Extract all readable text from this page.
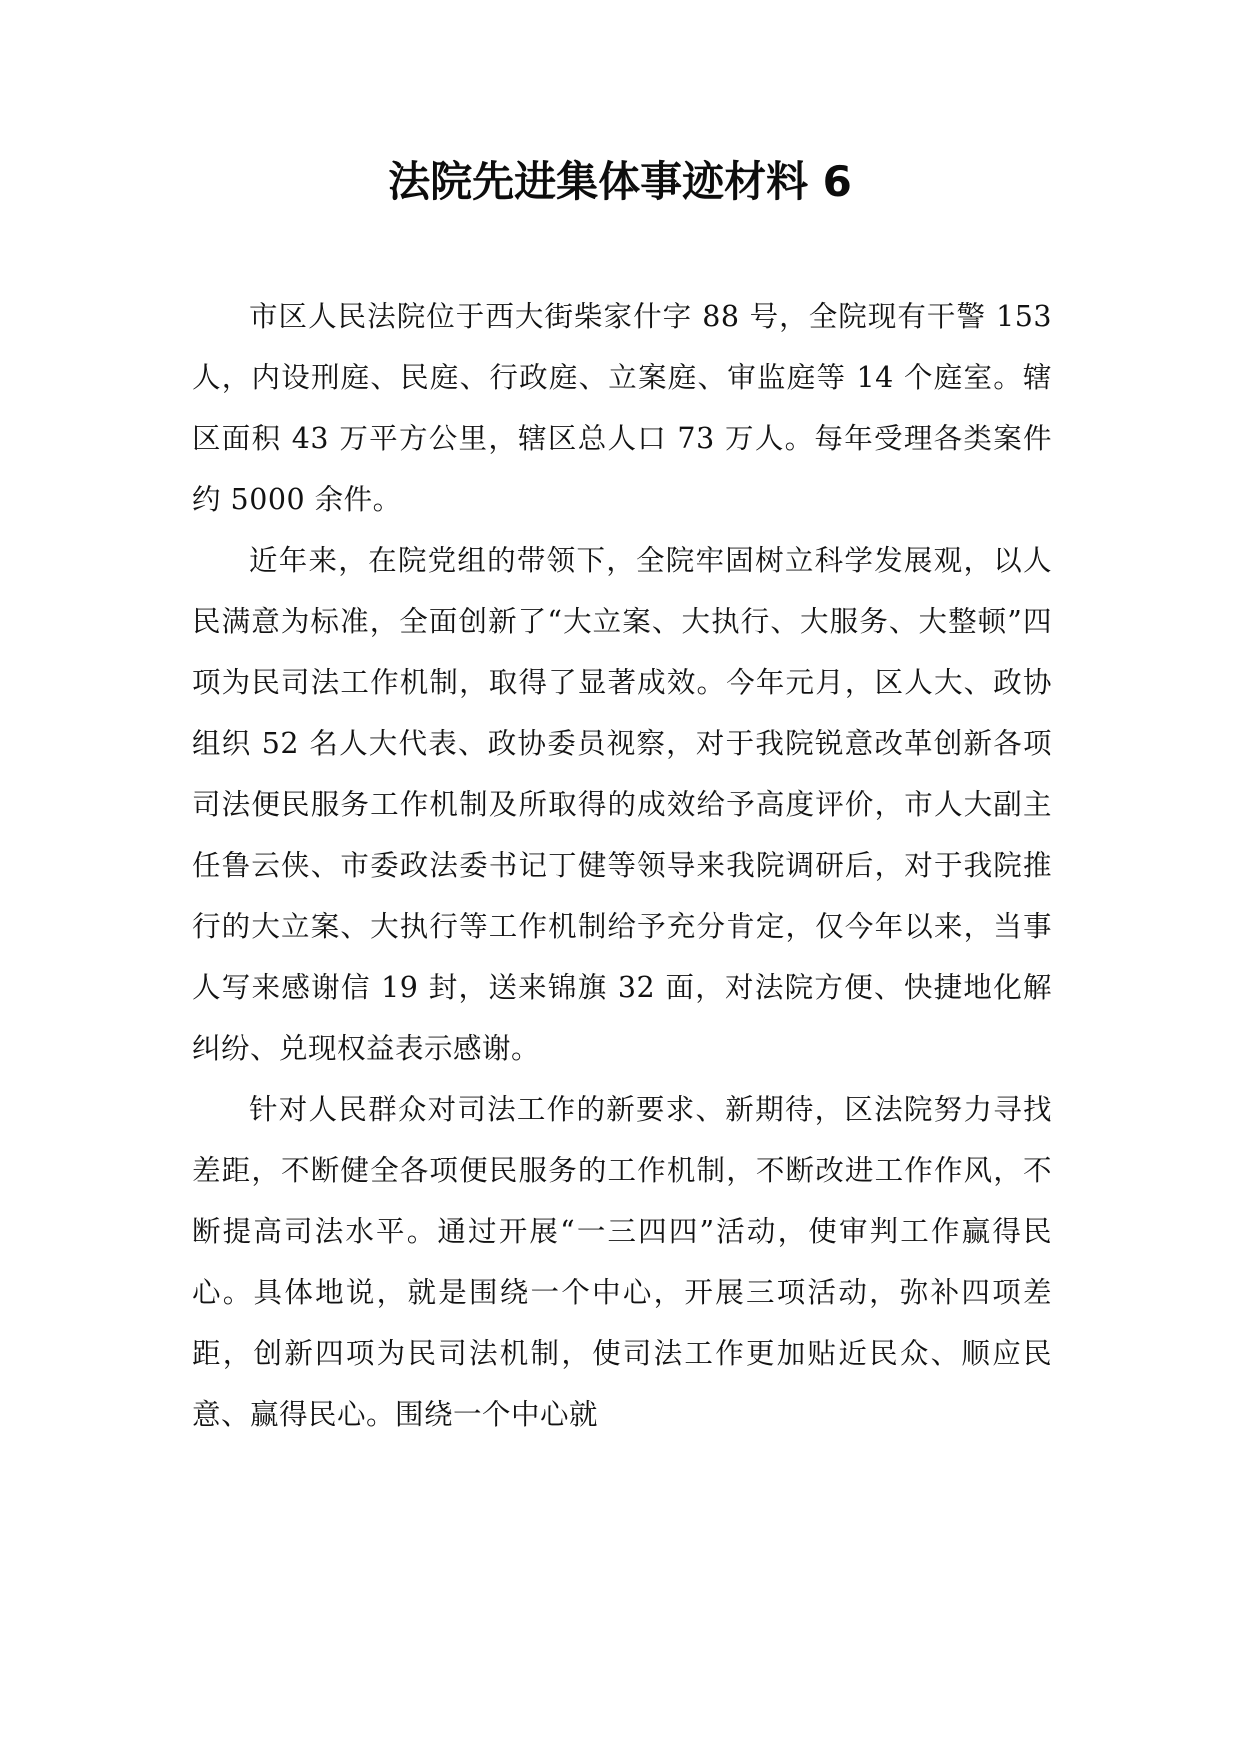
法院先进集体事迹材料 6

市区人民法院位于西大街柴家什字 88 号，全院现有干警 153 人，内设刑庭、民庭、行政庭、立案庭、审监庭等 14 个庭室。辖区面积 43 万平方公里，辖区总人口 73 万人。每年受理各类案件约 5000 余件。

近年来，在院党组的带领下，全院牢固树立科学发展观，以人民满意为标准，全面创新了“大立案、大执行、大服务、大整顿”四项为民司法工作机制，取得了显著成效。今年元月，区人大、政协组织 52 名人大代表、政协委员视察，对于我院锐意改革创新各项司法便民服务工作机制及所取得的成效给予高度评价，市人大副主任鲁云侠、市委政法委书记丁健等领导来我院调研后，对于我院推行的大立案、大执行等工作机制给予充分肯定，仅今年以来，当事人写来感谢信 19 封，送来锦旗 32 面，对法院方便、快捷地化解纠纷、兑现权益表示感谢。

针对人民群众对司法工作的新要求、新期待，区法院努力寻找差距，不断健全各项便民服务的工作机制，不断改进工作作风，不断提高司法水平。通过开展“一三四四”活动，使审判工作赢得民心。具体地说，就是围绕一个中心，开展三项活动，弥补四项差距，创新四项为民司法机制，使司法工作更加贴近民众、顺应民意、赢得民心。围绕一个中心就
